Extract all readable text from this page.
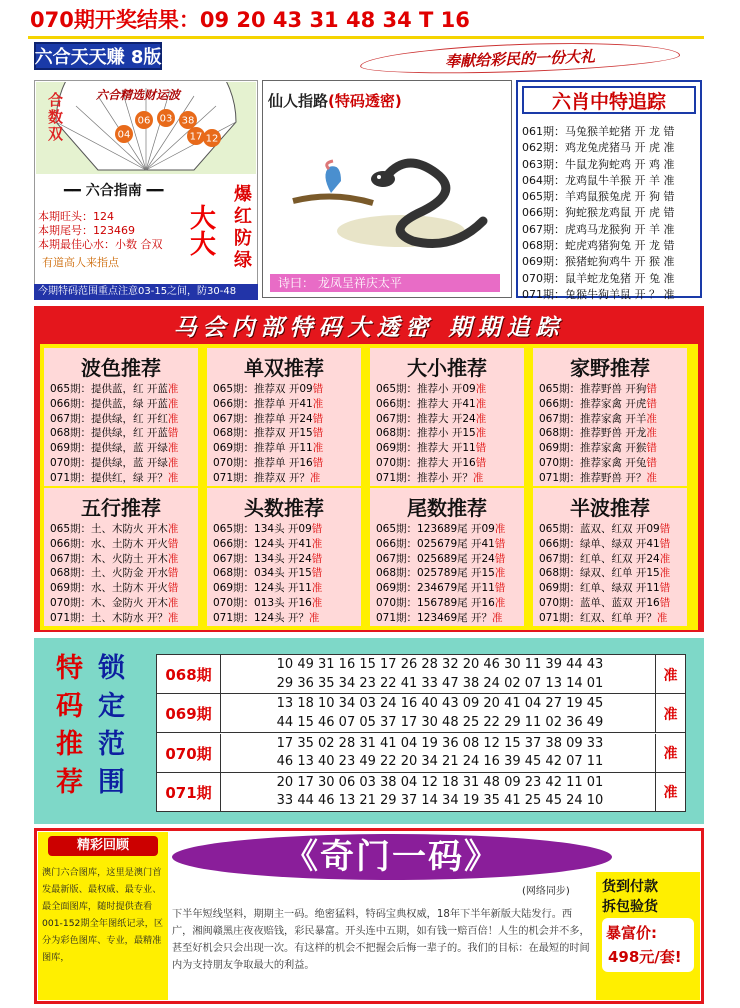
070期开奖结果：09 20 43 31 48 34 T 16
六合天天赚 8版	奉献给彩民的一份大礼
06 03 38
17
04	12
合数双
六合精选财运波
━━ 六合指南 ━━
本期旺头：124
本期尾号：123469
本期最佳心水：小数 合双
大大
爆红防绿
有道高人来指点
今期特码范围重点注意03-15之间，防30-48
仙人指路(特码透密)
诗曰： 龙凤呈祥庆太平
六肖中特追踪
061期：马兔猴羊蛇猪 开 龙 错
062期：鸡龙兔虎猪马 开 虎 准
063期：牛鼠龙狗蛇鸡 开 鸡 准
064期：龙鸡鼠牛羊猴 开 羊 准
065期：羊鸡鼠猴兔虎 开 狗 错
066期：狗蛇猴龙鸡鼠 开 虎 错
067期：虎鸡马龙猴狗 开 羊 准
068期：蛇虎鸡猪狗兔 开 龙 错
069期：猴猪蛇狗鸡牛 开 猴 准
070期：鼠羊蛇龙兔猪 开 兔 准
071期：兔猴牛狗羊鼠 开 ？ 准
马会内部特码大透密 期期追踪
波色推荐
065期：提供蓝，红 开蓝准
066期：提供蓝，绿 开蓝准
067期：提供绿，红 开红准
068期：提供绿，红 开蓝错
069期：提供绿，蓝 开绿准
070期：提供绿，蓝 开绿准
071期：提供红，绿 开？准
单双推荐
065期：推荐双 开09错
066期：推荐单 开41准
067期：推荐单 开24错
068期：推荐双 开15错
069期：推荐单 开11准
070期：推荐单 开16错
071期：推荐双 开？准
大小推荐
065期：推荐小 开09准
066期：推荐大 开41准
067期：推荐大 开24准
068期：推荐小 开15准
069期：推荐大 开11错
070期：推荐大 开16错
071期：推荐小 开？准
家野推荐
065期：推荐野兽 开狗错
066期：推荐家禽 开虎错
067期：推荐家禽 开羊准
068期：推荐野兽 开龙准
069期：推荐家禽 开猴错
070期：推荐家禽 开兔错
071期：推荐野兽 开？准
五行推荐
065期：土、木防火 开木准
066期：水、土防木 开火错
067期：木、火防土 开木准
068期：土、火防金 开水错
069期：水、土防木 开火错
070期：木、金防火 开木准
071期：土、木防水 开？准
头数推荐
065期：134头 开09错
066期：124头 开41准
067期：134头 开24错
068期：034头 开15错
069期：124头 开11准
070期：013头 开16准
071期：124头 开？准
尾数推荐
065期：123689尾 开09准
066期：025679尾 开41错
067期：025689尾 开24错
068期：025789尾 开15准
069期：234679尾 开11错
070期：156789尾 开16准
071期：123469尾 开？准
半波推荐
065期：蓝双、红双 开09错
066期：绿单、绿双 开41错
067期：红单、红双 开24准
068期：绿双、红单 开15准
069期：红单、绿双 开11错
070期：蓝单、蓝双 开16错
071期：红双、红单 开？准
特
码
推
荐
锁
定
范
围
068期
10 49 31 16 15 17 26 28 32 20 46 30 11 39 44 43
29 36 35 34 23 22 41 33 47 38 24 02 07 13 14 01	准
069期
13 18 10 34 03 24 16 40 43 09 20 41 04 27 19 45
44 15 46 07 05 37 17 30 48 25 22 29 11 02 36 49	准
070期
17 35 02 28 31 41 04 19 36 08 12 15 37 38 09 33
46 13 40 23 49 22 20 34 21 24 16 39 45 42 07 11	准
071期
20 17 30 06 03 38 04 12 18 31 48 09 23 42 11 01
33 44 46 13 21 29 37 14 34 19 35 41 25 45 24 10	准
精彩回顾
澳门六合图库，这里是澳门首发最新版、最权威、最专业、最全面图库，随时提供查看001-152期全年图纸记录，区分为彩色图库、专业，最精准图库，
《奇门一码》
(网络同步)
下半年短线坚料，期期主一码。绝密猛料，特码宝典权威，18年下半年新版大陆发行。西广，湘闽赣黑庄夜夜赔钱，彩民暴富。开头连中五期，如有钱一赔百倍！人生的机会并不多，甚至好机会只会出现一次。有这样的机会不把握会后悔一辈子的。我们的目标：在最短的时间内为支持朋友争取最大的利益。
货到付款
拆包验货
暴富价:
498元/套!
